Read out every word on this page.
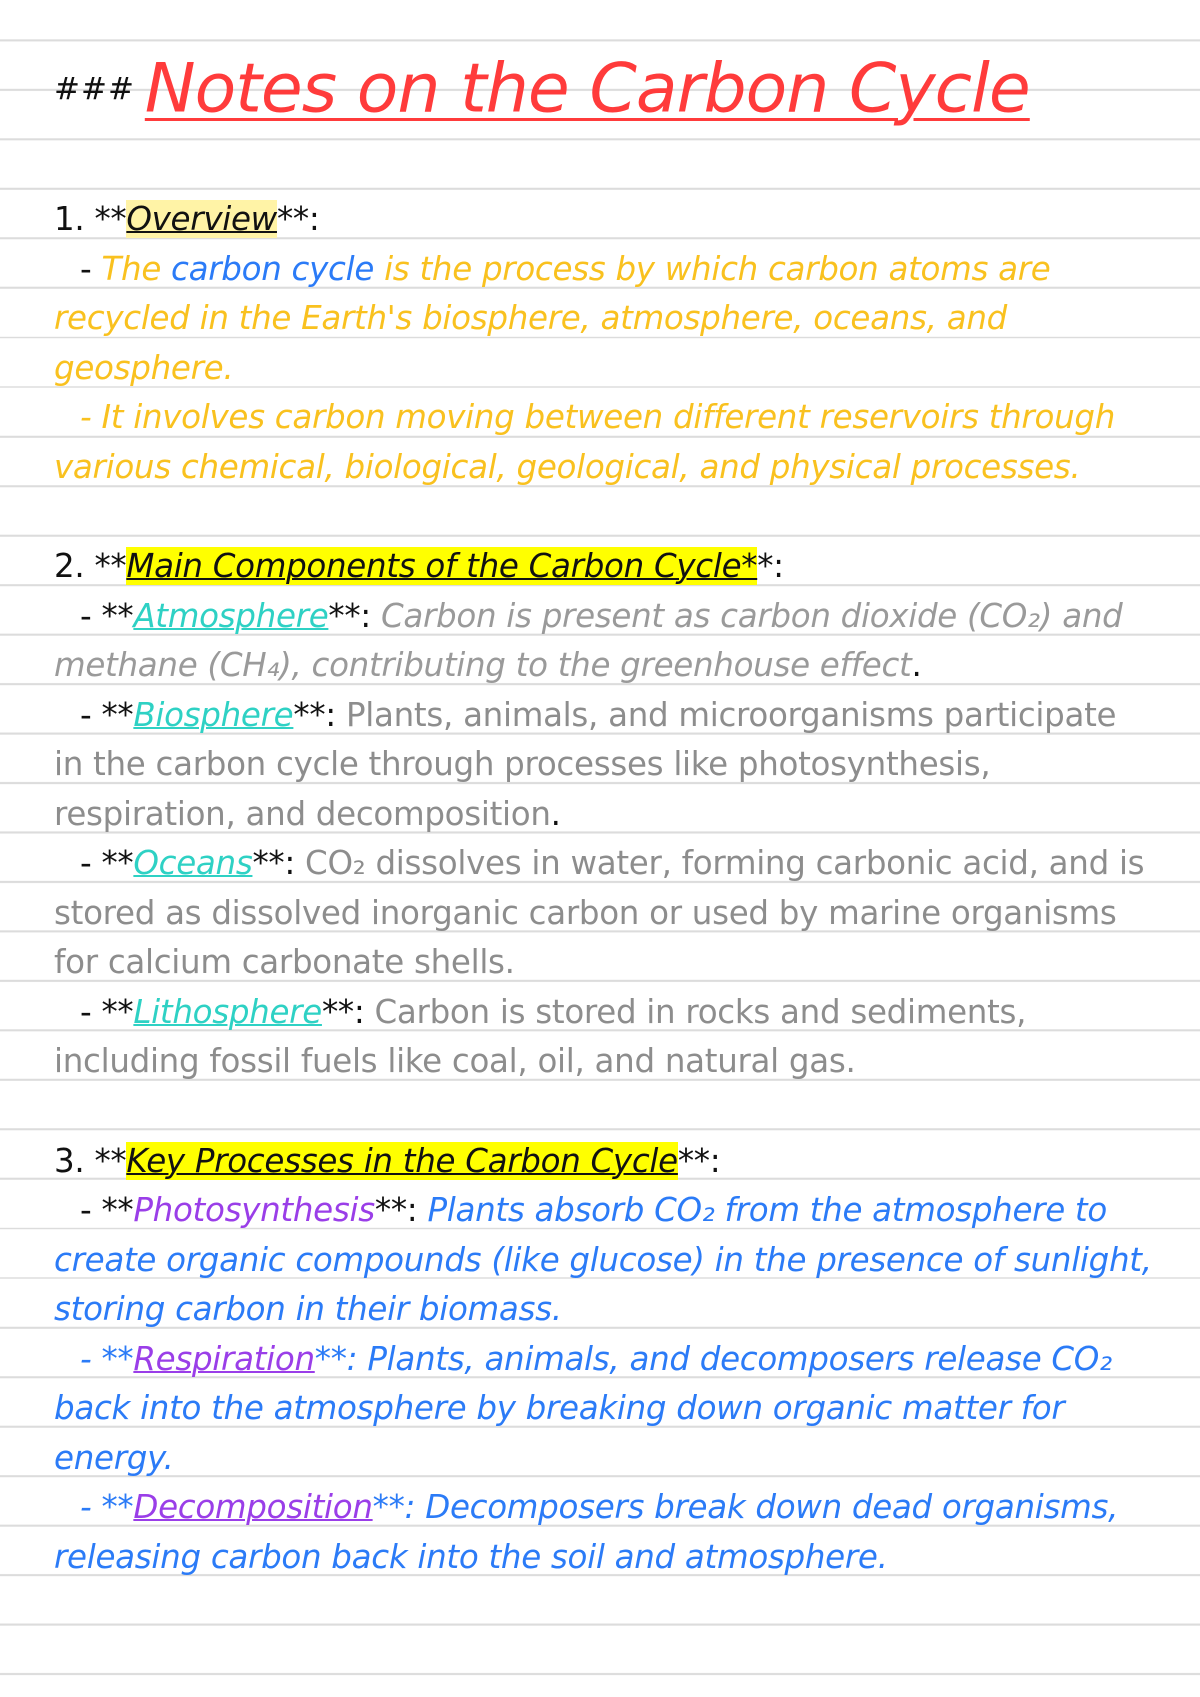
### Notes on the Carbon Cycle
1. **Overview**:
- The carbon cycle is the process by which carbon atoms are recycled in the Earth's biosphere, atmosphere, oceans, and geosphere.
- It involves carbon moving between different reservoirs through various chemical, biological, geological, and physical processes.
2. **Main Components of the Carbon Cycle**:
- **Atmosphere**: Carbon is present as carbon dioxide (CO₂) and methane (CH₄), contributing to the greenhouse effect.
- **Biosphere**: Plants, animals, and microorganisms participate in the carbon cycle through processes like photosynthesis, respiration, and decomposition.
- **Oceans**: CO₂ dissolves in water, forming carbonic acid, and is stored as dissolved inorganic carbon or used by marine organisms for calcium carbonate shells.
- **Lithosphere**: Carbon is stored in rocks and sediments, including fossil fuels like coal, oil, and natural gas.
3. **Key Processes in the Carbon Cycle**:
- **Photosynthesis**: Plants absorb CO₂ from the atmosphere to create organic compounds (like glucose) in the presence of sunlight, storing carbon in their biomass.
- **Respiration**: Plants, animals, and decomposers release CO₂ back into the atmosphere by breaking down organic matter for energy.
- **Decomposition**: Decomposers break down dead organisms, releasing carbon back into the soil and atmosphere.
